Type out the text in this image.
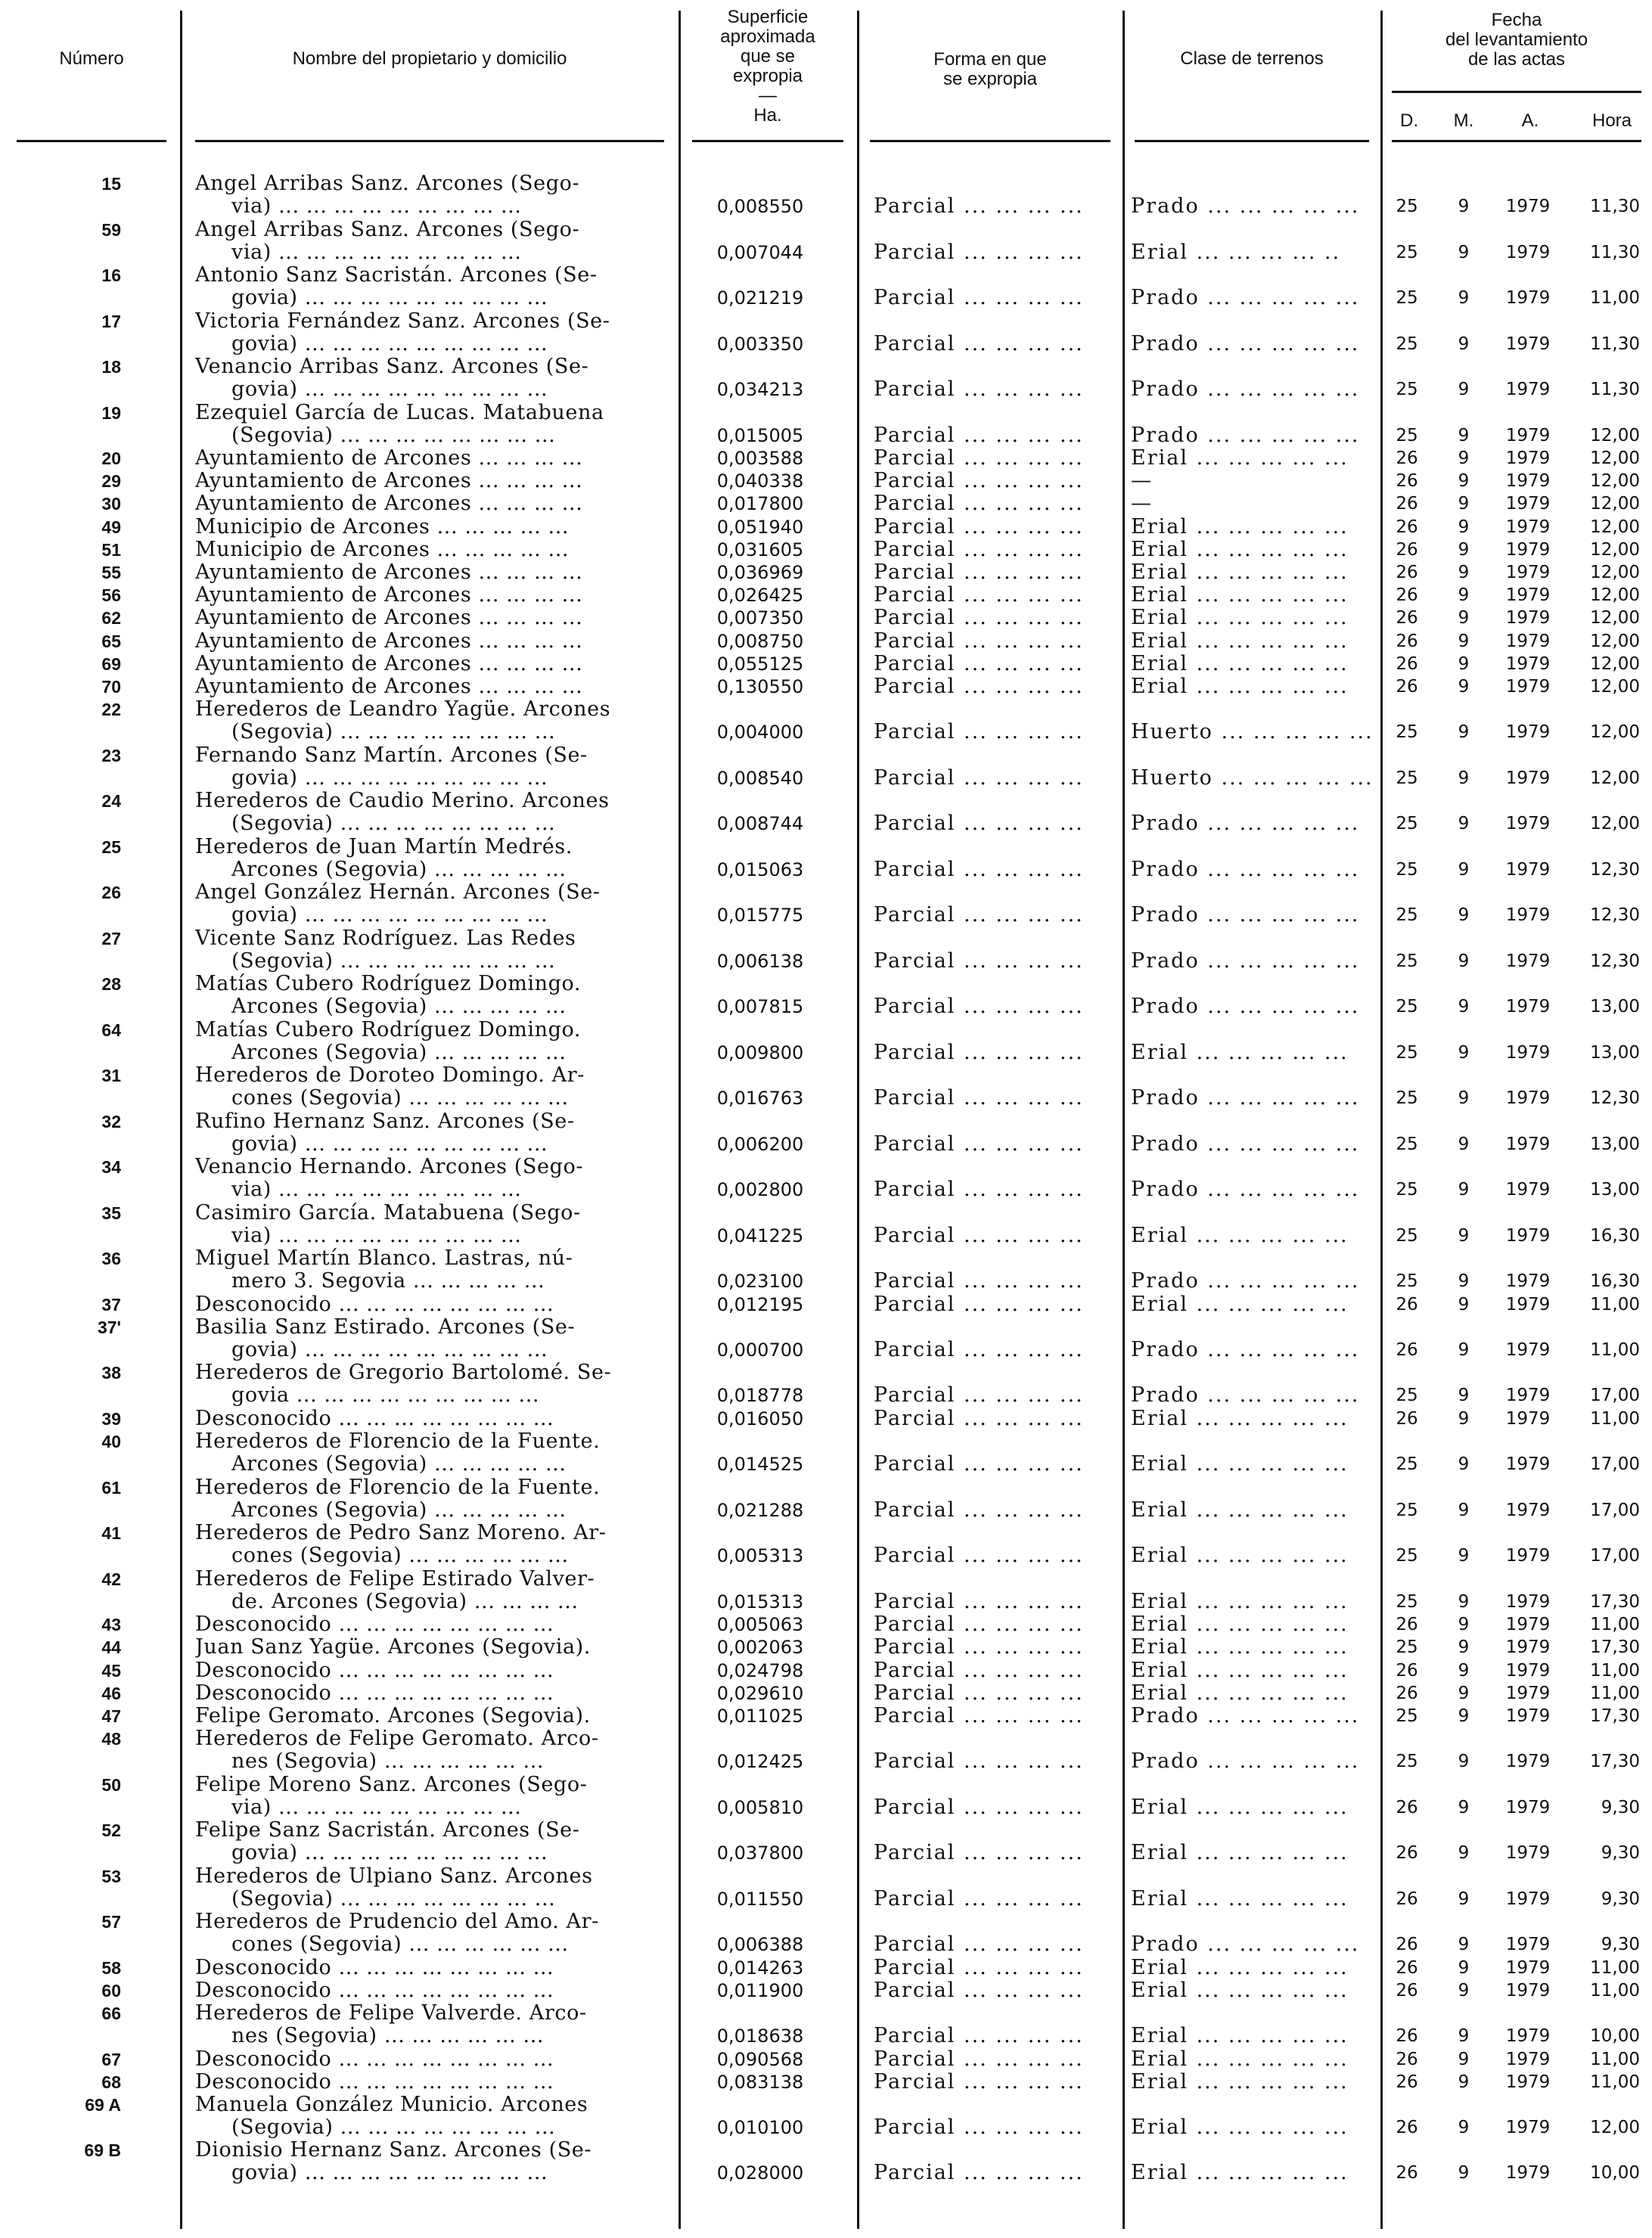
Número	Nombre del propietario y domicilio
Superficie
aproximada
que se
expropia
—
Ha.
Forma en que
se expropia
Clase de terrenos
Fecha
del levantamiento
de las actas
D.	M.	A.	Hora
15	Angel Arribas Sanz. Arcones (Sego-
via) ... ... ... ... ... ... ... ... ...	0,008550	Parcial ... ... ... ...	Prado ... ... ... ... ...	25	9	1979	11,30
59	Angel Arribas Sanz. Arcones (Sego-
via) ... ... ... ... ... ... ... ... ...	0,007044	Parcial ... ... ... ...	Erial ... ... ... ... ..	25	9	1979	11,30
16	Antonio Sanz Sacristán. Arcones (Se-
govia) ... ... ... ... ... ... ... ... ...	0,021219	Parcial ... ... ... ...	Prado ... ... ... ... ...	25	9	1979	11,00
17	Victoria Fernández Sanz. Arcones (Se-
govia) ... ... ... ... ... ... ... ... ...	0,003350	Parcial ... ... ... ...	Prado ... ... ... ... ...	25	9	1979	11,30
18	Venancio Arribas Sanz. Arcones (Se-
govia) ... ... ... ... ... ... ... ... ...	0,034213	Parcial ... ... ... ...	Prado ... ... ... ... ...	25	9	1979	11,30
19	Ezequiel García de Lucas. Matabuena
(Segovia) ... ... ... ... ... ... ... ...	0,015005	Parcial ... ... ... ...	Prado ... ... ... ... ...	25	9	1979	12,00
20	Ayuntamiento de Arcones ... ... ... ...	0,003588	Parcial ... ... ... ...	Erial ... ... ... ... ...	26	9	1979	12,00
29	Ayuntamiento de Arcones ... ... ... ...	0,040338	Parcial ... ... ... ...	—	26	9	1979	12,00
30	Ayuntamiento de Arcones ... ... ... ...	0,017800	Parcial ... ... ... ...	—	26	9	1979	12,00
49	Municipio de Arcones ... ... ... ... ...	0,051940	Parcial ... ... ... ...	Erial ... ... ... ... ...	26	9	1979	12,00
51	Municipio de Arcones ... ... ... ... ...	0,031605	Parcial ... ... ... ...	Erial ... ... ... ... ...	26	9	1979	12,00
55	Ayuntamiento de Arcones ... ... ... ...	0,036969	Parcial ... ... ... ...	Erial ... ... ... ... ...	26	9	1979	12,00
56	Ayuntamiento de Arcones ... ... ... ...	0,026425	Parcial ... ... ... ...	Erial ... ... ... ... ...	26	9	1979	12,00
62	Ayuntamiento de Arcones ... ... ... ...	0,007350	Parcial ... ... ... ...	Erial ... ... ... ... ...	26	9	1979	12,00
65	Ayuntamiento de Arcones ... ... ... ...	0,008750	Parcial ... ... ... ...	Erial ... ... ... ... ...	26	9	1979	12,00
69	Ayuntamiento de Arcones ... ... ... ...	0,055125	Parcial ... ... ... ...	Erial ... ... ... ... ...	26	9	1979	12,00
70	Ayuntamiento de Arcones ... ... ... ...	0,130550	Parcial ... ... ... ...	Erial ... ... ... ... ...	26	9	1979	12,00
22	Herederos de Leandro Yagüe. Arcones
(Segovia) ... ... ... ... ... ... ... ...	0,004000	Parcial ... ... ... ...	Huerto ... ... ... ... ...	25	9	1979	12,00
23	Fernando Sanz Martín. Arcones (Se-
govia) ... ... ... ... ... ... ... ... ...	0,008540	Parcial ... ... ... ...	Huerto ... ... ... ... ...	25	9	1979	12,00
24	Herederos de Caudio Merino. Arcones
(Segovia) ... ... ... ... ... ... ... ...	0,008744	Parcial ... ... ... ...	Prado ... ... ... ... ...	25	9	1979	12,00
25	Herederos de Juan Martín Medrés.
Arcones (Segovia) ... ... ... ... ...	0,015063	Parcial ... ... ... ...	Prado ... ... ... ... ...	25	9	1979	12,30
26	Angel González Hernán. Arcones (Se-
govia) ... ... ... ... ... ... ... ... ...	0,015775	Parcial ... ... ... ...	Prado ... ... ... ... ...	25	9	1979	12,30
27	Vicente Sanz Rodríguez. Las Redes
(Segovia) ... ... ... ... ... ... ... ...	0,006138	Parcial ... ... ... ...	Prado ... ... ... ... ...	25	9	1979	12,30
28	Matías Cubero Rodríguez Domingo.
Arcones (Segovia) ... ... ... ... ...	0,007815	Parcial ... ... ... ...	Prado ... ... ... ... ...	25	9	1979	13,00
64	Matías Cubero Rodríguez Domingo.
Arcones (Segovia) ... ... ... ... ...	0,009800	Parcial ... ... ... ...	Erial ... ... ... ... ...	25	9	1979	13,00
31	Herederos de Doroteo Domingo. Ar-
cones (Segovia) ... ... ... ... ... ...	0,016763	Parcial ... ... ... ...	Prado ... ... ... ... ...	25	9	1979	12,30
32	Rufino Hernanz Sanz. Arcones (Se-
govia) ... ... ... ... ... ... ... ... ...	0,006200	Parcial ... ... ... ...	Prado ... ... ... ... ...	25	9	1979	13,00
34	Venancio Hernando. Arcones (Sego-
via) ... ... ... ... ... ... ... ... ...	0,002800	Parcial ... ... ... ...	Prado ... ... ... ... ...	25	9	1979	13,00
35	Casimiro García. Matabuena (Sego-
via) ... ... ... ... ... ... ... ... ...	0,041225	Parcial ... ... ... ...	Erial ... ... ... ... ...	25	9	1979	16,30
36	Miguel Martín Blanco. Lastras, nú-
mero 3. Segovia ... ... ... ... ...	0,023100	Parcial ... ... ... ...	Prado ... ... ... ... ...	25	9	1979	16,30
37	Desconocido ... ... ... ... ... ... ... ...	0,012195	Parcial ... ... ... ...	Erial ... ... ... ... ...	26	9	1979	11,00
37'	Basilia Sanz Estirado. Arcones (Se-
govia) ... ... ... ... ... ... ... ... ...	0,000700	Parcial ... ... ... ...	Prado ... ... ... ... ...	26	9	1979	11,00
38	Herederos de Gregorio Bartolomé. Se-
govia ... ... ... ... ... ... ... ... ...	0,018778	Parcial ... ... ... ...	Prado ... ... ... ... ...	25	9	1979	17,00
39	Desconocido ... ... ... ... ... ... ... ...	0,016050	Parcial ... ... ... ...	Erial ... ... ... ... ...	26	9	1979	11,00
40	Herederos de Florencio de la Fuente.
Arcones (Segovia) ... ... ... ... ...	0,014525	Parcial ... ... ... ...	Erial ... ... ... ... ...	25	9	1979	17,00
61	Herederos de Florencio de la Fuente.
Arcones (Segovia) ... ... ... ... ...	0,021288	Parcial ... ... ... ...	Erial ... ... ... ... ...	25	9	1979	17,00
41	Herederos de Pedro Sanz Moreno. Ar-
cones (Segovia) ... ... ... ... ... ...	0,005313	Parcial ... ... ... ...	Erial ... ... ... ... ...	25	9	1979	17,00
42	Herederos de Felipe Estirado Valver-
de. Arcones (Segovia) ... ... ... ...	0,015313	Parcial ... ... ... ...	Erial ... ... ... ... ...	25	9	1979	17,30
43	Desconocido ... ... ... ... ... ... ... ...	0,005063	Parcial ... ... ... ...	Erial ... ... ... ... ...	26	9	1979	11,00
44	Juan Sanz Yagüe. Arcones (Segovia).	0,002063	Parcial ... ... ... ...	Erial ... ... ... ... ...	25	9	1979	17,30
45	Desconocido ... ... ... ... ... ... ... ...	0,024798	Parcial ... ... ... ...	Erial ... ... ... ... ...	26	9	1979	11,00
46	Desconocido ... ... ... ... ... ... ... ...	0,029610	Parcial ... ... ... ...	Erial ... ... ... ... ...	26	9	1979	11,00
47	Felipe Geromato. Arcones (Segovia).	0,011025	Parcial ... ... ... ...	Prado ... ... ... ... ...	25	9	1979	17,30
48	Herederos de Felipe Geromato. Arco-
nes (Segovia) ... ... ... ... ... ...	0,012425	Parcial ... ... ... ...	Prado ... ... ... ... ...	25	9	1979	17,30
50	Felipe Moreno Sanz. Arcones (Sego-
via) ... ... ... ... ... ... ... ... ...	0,005810	Parcial ... ... ... ...	Erial ... ... ... ... ...	26	9	1979	9,30
52	Felipe Sanz Sacristán. Arcones (Se-
govia) ... ... ... ... ... ... ... ... ...	0,037800	Parcial ... ... ... ...	Erial ... ... ... ... ...	26	9	1979	9,30
53	Herederos de Ulpiano Sanz. Arcones
(Segovia) ... ... ... ... ... ... ... ...	0,011550	Parcial ... ... ... ...	Erial ... ... ... ... ...	26	9	1979	9,30
57	Herederos de Prudencio del Amo. Ar-
cones (Segovia) ... ... ... ... ... ...	0,006388	Parcial ... ... ... ...	Prado ... ... ... ... ...	26	9	1979	9,30
58	Desconocido ... ... ... ... ... ... ... ...	0,014263	Parcial ... ... ... ...	Erial ... ... ... ... ...	26	9	1979	11,00
60	Desconocido ... ... ... ... ... ... ... ...	0,011900	Parcial ... ... ... ...	Erial ... ... ... ... ...	26	9	1979	11,00
66	Herederos de Felipe Valverde. Arco-
nes (Segovia) ... ... ... ... ... ...	0,018638	Parcial ... ... ... ...	Erial ... ... ... ... ...	26	9	1979	10,00
67	Desconocido ... ... ... ... ... ... ... ...	0,090568	Parcial ... ... ... ...	Erial ... ... ... ... ...	26	9	1979	11,00
68	Desconocido ... ... ... ... ... ... ... ...	0,083138	Parcial ... ... ... ...	Erial ... ... ... ... ...	26	9	1979	11,00
69 A	Manuela González Municio. Arcones
(Segovia) ... ... ... ... ... ... ... ...	0,010100	Parcial ... ... ... ...	Erial ... ... ... ... ...	26	9	1979	12,00
69 B	Dionisio Hernanz Sanz. Arcones (Se-
govia) ... ... ... ... ... ... ... ... ...	0,028000	Parcial ... ... ... ...	Erial ... ... ... ... ...	26	9	1979	10,00
